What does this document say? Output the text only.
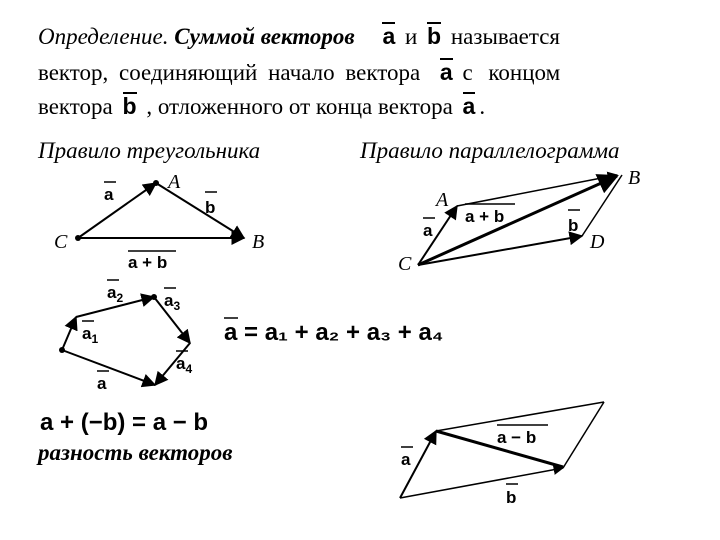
Определение. Суммой векторов a и b называется
вектор, соединяющий начало вектора a с концом
вектора b , отложенного от конца вектора a .
Правило треугольника	Правило параллелограмма
A
B
C
a
b
a + b
A
B
C
D
a	b
a + b
$a_2$ $a_3$
$a_1$
$a_4$
a
a = a₁ + a₂ + a₃ + a₄
a + (−b) = a − b
a
b
a − b
разность векторов
